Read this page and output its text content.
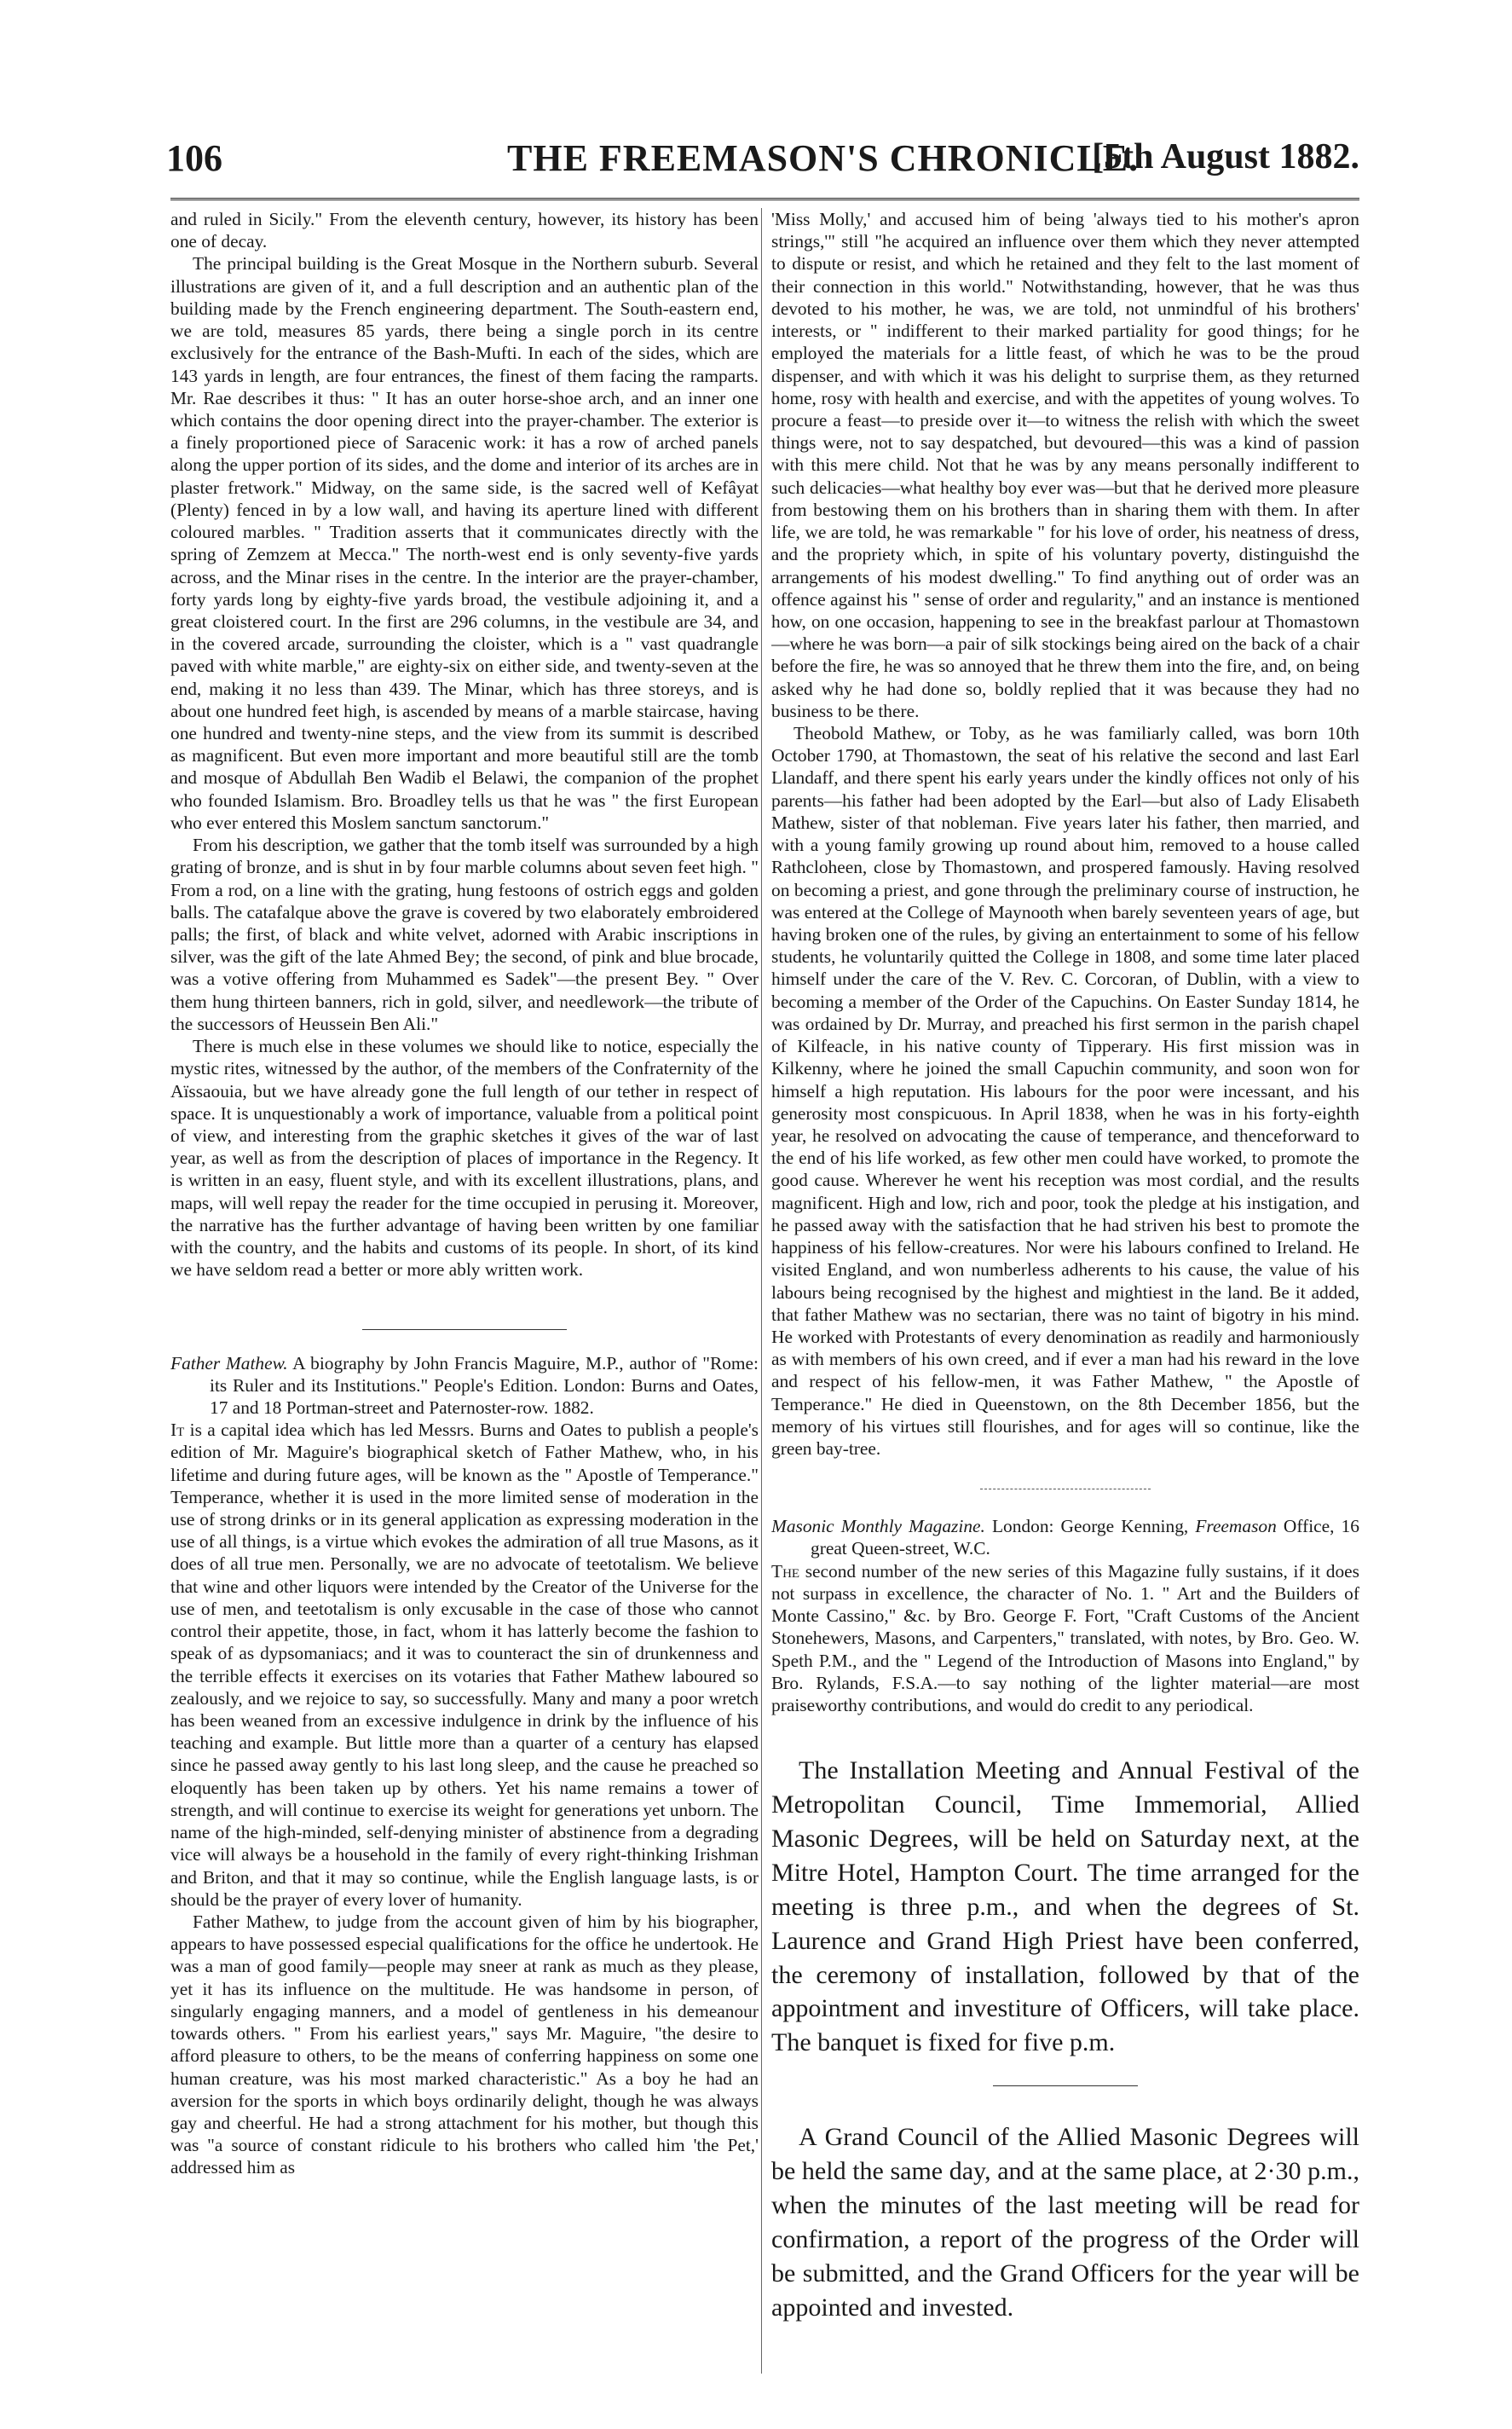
106	THE FREEMASON'S CHRONICLE.
[5th August 1882.

and ruled in Sicily." From the eleventh century, however, its history has been one of decay.

The principal building is the Great Mosque in the Northern suburb. Several illustrations are given of it, and a full description and an authentic plan of the building made by the French engineering department. The South-eastern end, we are told, measures 85 yards, there being a single porch in its centre exclusively for the entrance of the Bash-Mufti. In each of the sides, which are 143 yards in length, are four entrances, the finest of them facing the ramparts. Mr. Rae describes it thus: " It has an outer horse-shoe arch, and an inner one which contains the door opening direct into the prayer-chamber. The exterior is a finely proportioned piece of Saracenic work: it has a row of arched panels along the upper portion of its sides, and the dome and interior of its arches are in plaster fretwork." Midway, on the same side, is the sacred well of Kefâyat (Plenty) fenced in by a low wall, and having its aperture lined with different coloured marbles. " Tradition asserts that it communicates directly with the spring of Zemzem at Mecca." The north-west end is only seventy-five yards across, and the Minar rises in the centre. In the interior are the prayer-chamber, forty yards long by eighty-five yards broad, the vestibule adjoining it, and a great cloistered court. In the first are 296 columns, in the vestibule are 34, and in the covered arcade, surrounding the cloister, which is a " vast quadrangle paved with white marble," are eighty-six on either side, and twenty-seven at the end, making it no less than 439. The Minar, which has three storeys, and is about one hundred feet high, is ascended by means of a marble staircase, having one hundred and twenty-nine steps, and the view from its summit is described as magnificent. But even more important and more beautiful still are the tomb and mosque of Abdullah Ben Wadib el Belawi, the companion of the prophet who founded Islamism. Bro. Broadley tells us that he was " the first European who ever entered this Moslem sanctum sanctorum."

From his description, we gather that the tomb itself was surrounded by a high grating of bronze, and is shut in by four marble columns about seven feet high. " From a rod, on a line with the grating, hung festoons of ostrich eggs and golden balls. The catafalque above the grave is covered by two elaborately embroidered palls; the first, of black and white velvet, adorned with Arabic inscriptions in silver, was the gift of the late Ahmed Bey; the second, of pink and blue brocade, was a votive offering from Muhammed es Sadek"—the present Bey. " Over them hung thirteen banners, rich in gold, silver, and needlework—the tribute of the successors of Heussein Ben Ali."

There is much else in these volumes we should like to notice, especially the mystic rites, witnessed by the author, of the members of the Confraternity of the Aïssaouia, but we have already gone the full length of our tether in respect of space. It is unquestionably a work of importance, valuable from a political point of view, and interesting from the graphic sketches it gives of the war of last year, as well as from the description of places of importance in the Regency. It is written in an easy, fluent style, and with its excellent illustrations, plans, and maps, will well repay the reader for the time occupied in perusing it. Moreover, the narrative has the further advantage of having been written by one familiar with the country, and the habits and customs of its people. In short, of its kind we have seldom read a better or more ably written work.

Father Mathew. A biography by John Francis Maguire, M.P., author of "Rome: its Ruler and its Institutions." People's Edition. London: Burns and Oates, 17 and 18 Portman-street and Paternoster-row. 1882.

It is a capital idea which has led Messrs. Burns and Oates to publish a people's edition of Mr. Maguire's biographical sketch of Father Mathew, who, in his lifetime and during future ages, will be known as the " Apostle of Temperance." Temperance, whether it is used in the more limited sense of moderation in the use of strong drinks or in its general application as expressing moderation in the use of all things, is a virtue which evokes the admiration of all true Masons, as it does of all true men. Personally, we are no advocate of teetotalism. We believe that wine and other liquors were intended by the Creator of the Universe for the use of men, and teetotalism is only excusable in the case of those who cannot control their appetite, those, in fact, whom it has latterly become the fashion to speak of as dypsomaniacs; and it was to counteract the sin of drunkenness and the terrible effects it exercises on its votaries that Father Mathew laboured so zealously, and we rejoice to say, so successfully. Many and many a poor wretch has been weaned from an excessive indulgence in drink by the influence of his teaching and example. But little more than a quarter of a century has elapsed since he passed away gently to his last long sleep, and the cause he preached so eloquently has been taken up by others. Yet his name remains a tower of strength, and will continue to exercise its weight for generations yet unborn. The name of the high-minded, self-denying minister of abstinence from a degrading vice will always be a household in the family of every right-thinking Irishman and Briton, and that it may so continue, while the English language lasts, is or should be the prayer of every lover of humanity.

Father Mathew, to judge from the account given of him by his biographer, appears to have possessed especial qualifications for the office he undertook. He was a man of good family—people may sneer at rank as much as they please, yet it has its influence on the multitude. He was handsome in person, of singularly engaging manners, and a model of gentleness in his demeanour towards others. " From his earliest years," says Mr. Maguire, "the desire to afford pleasure to others, to be the means of conferring happiness on some one human creature, was his most marked characteristic." As a boy he had an aversion for the sports in which boys ordinarily delight, though he was always gay and cheerful. He had a strong attachment for his mother, but though this was "a source of constant ridicule to his brothers who called him 'the Pet,' addressed him as

'Miss Molly,' and accused him of being 'always tied to his mother's apron strings,'" still "he acquired an influence over them which they never attempted to dispute or resist, and which he retained and they felt to the last moment of their connection in this world." Notwithstanding, however, that he was thus devoted to his mother, he was, we are told, not unmindful of his brothers' interests, or " indifferent to their marked partiality for good things; for he employed the materials for a little feast, of which he was to be the proud dispenser, and with which it was his delight to surprise them, as they returned home, rosy with health and exercise, and with the appetites of young wolves. To procure a feast—to preside over it—to witness the relish with which the sweet things were, not to say despatched, but devoured—this was a kind of passion with this mere child. Not that he was by any means personally indifferent to such delicacies—what healthy boy ever was—but that he derived more pleasure from bestowing them on his brothers than in sharing them with them. In after life, we are told, he was remarkable " for his love of order, his neatness of dress, and the propriety which, in spite of his voluntary poverty, distinguishd the arrangements of his modest dwelling." To find anything out of order was an offence against his " sense of order and regularity," and an instance is mentioned how, on one occasion, happening to see in the breakfast parlour at Thomastown—where he was born—a pair of silk stockings being aired on the back of a chair before the fire, he was so annoyed that he threw them into the fire, and, on being asked why he had done so, boldly replied that it was because they had no business to be there.

Theobold Mathew, or Toby, as he was familiarly called, was born 10th October 1790, at Thomastown, the seat of his relative the second and last Earl Llandaff, and there spent his early years under the kindly offices not only of his parents—his father had been adopted by the Earl—but also of Lady Elisabeth Mathew, sister of that nobleman. Five years later his father, then married, and with a young family growing up round about him, removed to a house called Rathcloheen, close by Thomastown, and prospered famously. Having resolved on becoming a priest, and gone through the preliminary course of instruction, he was entered at the College of Maynooth when barely seventeen years of age, but having broken one of the rules, by giving an entertainment to some of his fellow students, he voluntarily quitted the College in 1808, and some time later placed himself under the care of the V. Rev. C. Corcoran, of Dublin, with a view to becoming a member of the Order of the Capuchins. On Easter Sunday 1814, he was ordained by Dr. Murray, and preached his first sermon in the parish chapel of Kilfeacle, in his native county of Tipperary. His first mission was in Kilkenny, where he joined the small Capuchin community, and soon won for himself a high reputation. His labours for the poor were incessant, and his generosity most conspicuous. In April 1838, when he was in his forty-eighth year, he resolved on advocating the cause of temperance, and thenceforward to the end of his life worked, as few other men could have worked, to promote the good cause. Wherever he went his reception was most cordial, and the results magnificent. High and low, rich and poor, took the pledge at his instigation, and he passed away with the satisfaction that he had striven his best to promote the happiness of his fellow-creatures. Nor were his labours confined to Ireland. He visited England, and won numberless adherents to his cause, the value of his labours being recognised by the highest and mightiest in the land. Be it added, that father Mathew was no sectarian, there was no taint of bigotry in his mind. He worked with Protestants of every denomination as readily and harmoniously as with members of his own creed, and if ever a man had his reward in the love and respect of his fellow-men, it was Father Mathew, " the Apostle of Temperance." He died in Queenstown, on the 8th December 1856, but the memory of his virtues still flourishes, and for ages will so continue, like the green bay-tree.

Masonic Monthly Magazine. London: George Kenning, Freemason Office, 16 great Queen-street, W.C.

The second number of the new series of this Magazine fully sustains, if it does not surpass in excellence, the character of No. 1. " Art and the Builders of Monte Cassino," &c. by Bro. George F. Fort, "Craft Customs of the Ancient Stonehewers, Masons, and Carpenters," translated, with notes, by Bro. Geo. W. Speth P.M., and the " Legend of the Introduction of Masons into England," by Bro. Rylands, F.S.A.—to say nothing of the lighter material—are most praiseworthy contributions, and would do credit to any periodical.

The Installation Meeting and Annual Festival of the Metropolitan Council, Time Immemorial, Allied Masonic Degrees, will be held on Saturday next, at the Mitre Hotel, Hampton Court. The time arranged for the meeting is three p.m., and when the degrees of St. Laurence and Grand High Priest have been conferred, the ceremony of installation, followed by that of the appointment and investiture of Officers, will take place. The banquet is fixed for five p.m.

A Grand Council of the Allied Masonic Degrees will be held the same day, and at the same place, at 2·30 p.m., when the minutes of the last meeting will be read for confirmation, a report of the progress of the Order will be submitted, and the Grand Officers for the year will be appointed and invested.
